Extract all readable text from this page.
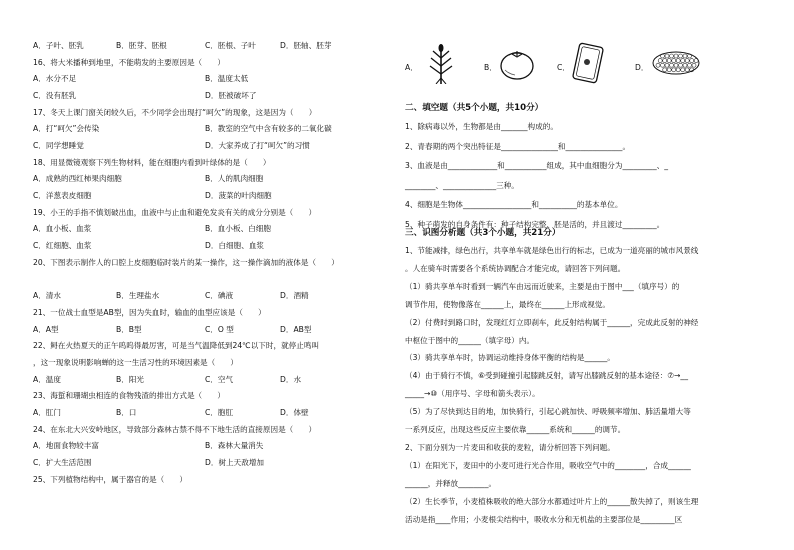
A．子叶、胚乳	B．胚芽、胚根	C．胚根、子叶	D．胚轴、胚芽
16、将大米播种到地里，不能萌发的主要原因是（　　）
A．水分不足	B．温度太低
C．没有胚乳	D．胚被破坏了
17、冬天上课门窗关闭较久后，不少同学会出现打“呵欠”的现象，这是因为（　　）
A．打“呵欠”会传染	B．教室的空气中含有较多的二氧化碳
C．同学想睡觉	D．大家养成了打“呵欠”的习惯
18、用显微镜观察下列生物材料，能在细胞内看到叶绿体的是（　　）
A．成熟的西红柿果肉细胞	B．人的肌肉细胞
C．洋葱表皮细胞	D．菠菜的叶肉细胞
19、小王的手指不慎划破出血，血液中与止血和避免发炎有关的成分分别是（　　）
A．血小板、血浆	B．血小板、白细胞
C．红细胞、血浆	D．白细胞、血浆
20、下图表示制作人的口腔上皮细胞临时装片的某一操作，这一操作滴加的液体是（　　）
A．清水	B．生理盐水	C．碘液	D．酒精
21、一位战士血型是AB型，因为失血时，输血的血型应该是（　　）
A．A型	B．B型	C．O 型	D．AB型
22、鲟在火热夏天的正午呜呜得最厉害，可是当气温降低到24℃以下时，就停止鸣叫
，这一现象说明影响蝉的这一生活习性的环境因素是（　　）
A．温度	B．阳光	C．空气	D．水
23、海蜇和珊瑚虫相连的食物残渣的排出方式是（　　）
A．肛门	B．口	C．胞肛	D．体壁
24、在东北大兴安岭地区，导致部分森林古禁不得不下地生活的直接原因是（　　）
A．地面食物较丰富	B．森林大量消失
C．扩大生活范围	D．树上天敌增加
25、下列植物结构中，属于器官的是（　　）
A．	B．	C．	D．
二、填空题（共5个小题，共10分）
三、识图分析题（共3个小题，共21分）
1、除病毒以外，生物都是由_______构成的。
2、青春期的两个突出特征是_______________和_______________。
3、血液是由_____________和___________组成，其中血细胞分为_________、_
________、______________三种。
4、细胞是生物体__________________和__________的基本单位。
5、种子萌发的自身条件有：种子结构完整，胚是活的，并且渡过_________。
1、节能减排，绿色出行，共享单车就是绿色出行的标志，已成为一道亮丽的城市风景线
。人在骑车时需要各个系统协调配合才能完成，请回答下列问题。
（1）骑共享单车时看到一辆汽车由远而近驶来，主要是由于图中___（填序号）的
调节作用，使物像落在______上，最终在______上形成视觉。
（2）付费时到路口时，发现红灯立即刹车，此反射结构属于______，完成此反射的神经
中枢位于图中的______（填字母）内。
（3）骑共享单车时，协调运动维持身体平衡的结构是______。
（4）由于骑行不慎，⑥受到碰撞引起膝跳反射，请写出膝跳反射的基本途径：⑦→__
_____→⑩（用序号、字母和箭头表示）。
（5）为了尽快到达目的地，加快骑行，引起心跳加快、呼吸频率增加、肺活量增大等
一系列反应，出现这些反应主要依靠______系统和______的调节。
2、下面分别为一片麦田和收获的麦粒，请分析回答下列问题。
（1）在阳光下，麦田中的小麦可进行光合作用，吸收空气中的________，合成______
______，并释放________。
（2）生长季节，小麦植株吸收的绝大部分水都通过叶片上的______散失掉了，则该生理
活动是指____作用；小麦根尖结构中，吸收水分和无机盐的主要部位是_________区
